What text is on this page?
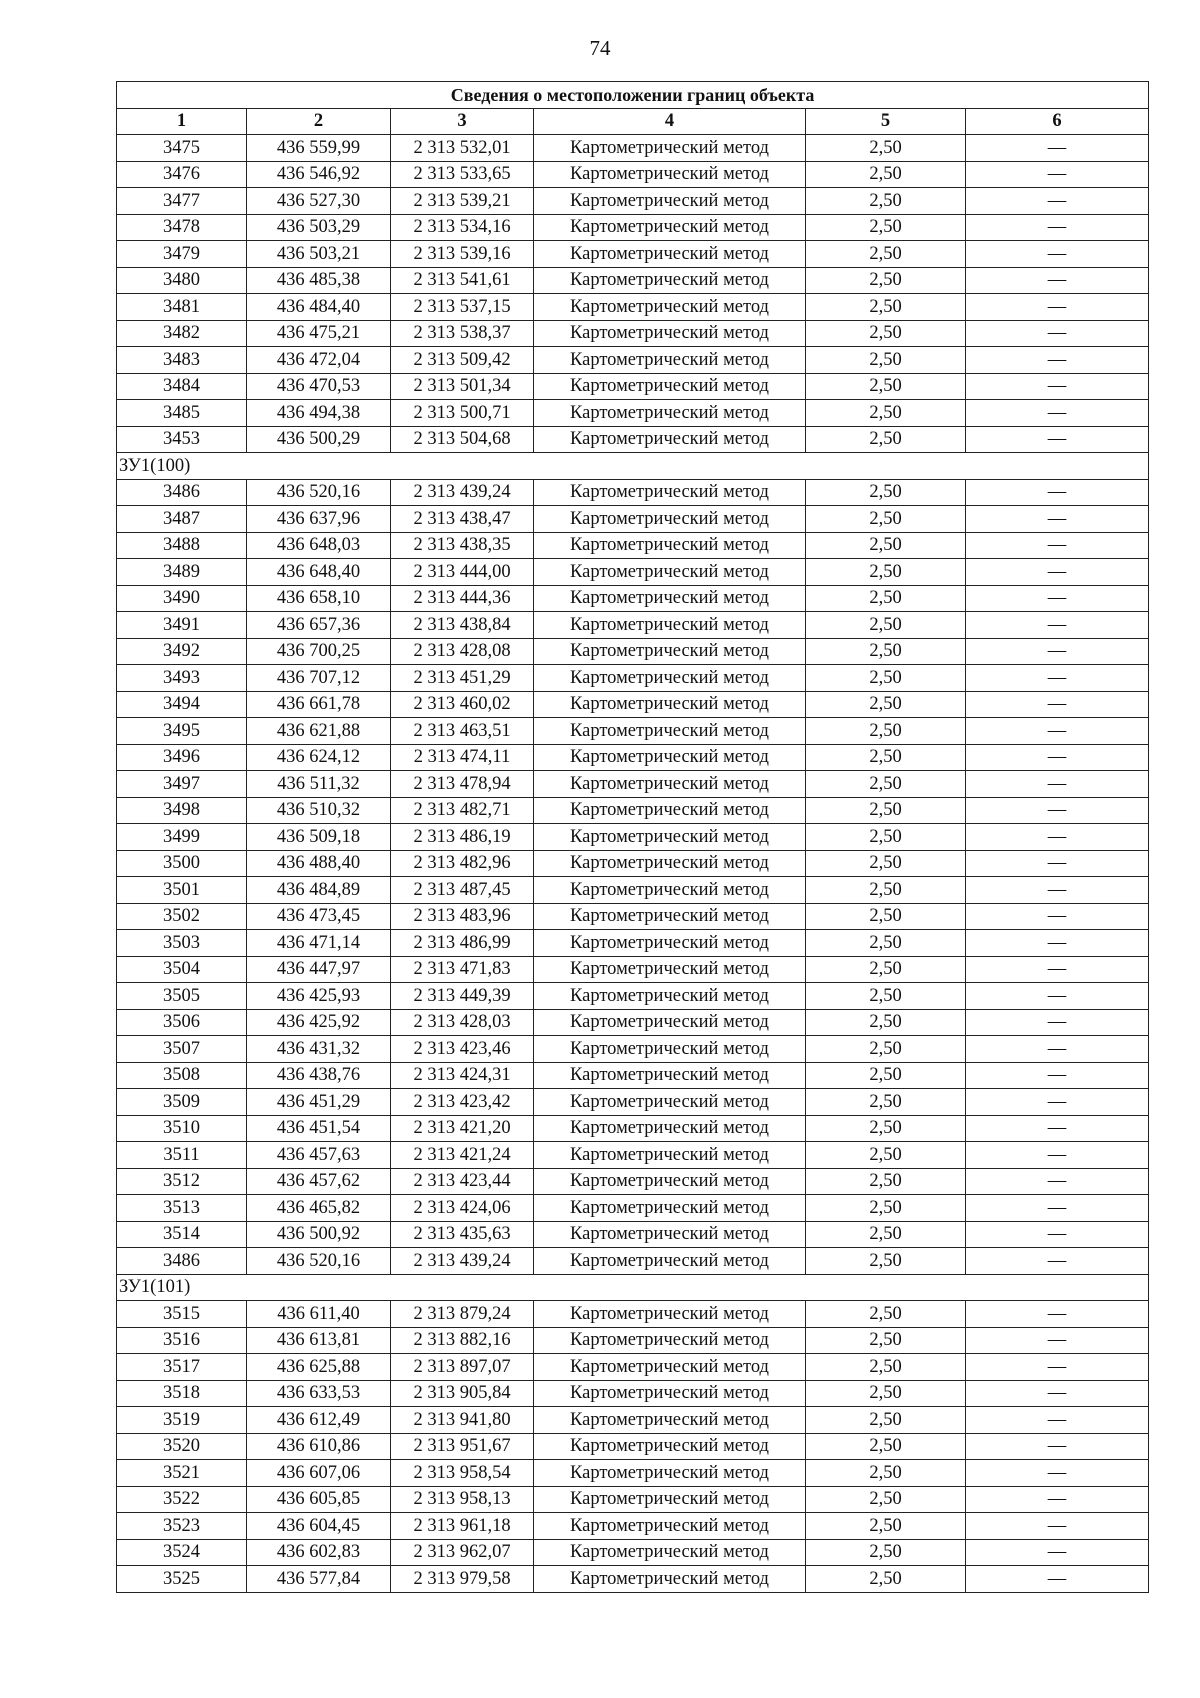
74
Сведения о местоположении границ объекта					
1	2	3	4	5	6
3475	436 559,99	2 313 532,01	Картометрический метод	2,50	—
3476	436 546,92	2 313 533,65	Картометрический метод	2,50	—
3477	436 527,30	2 313 539,21	Картометрический метод	2,50	—
3478	436 503,29	2 313 534,16	Картометрический метод	2,50	—
3479	436 503,21	2 313 539,16	Картометрический метод	2,50	—
3480	436 485,38	2 313 541,61	Картометрический метод	2,50	—
3481	436 484,40	2 313 537,15	Картометрический метод	2,50	—
3482	436 475,21	2 313 538,37	Картометрический метод	2,50	—
3483	436 472,04	2 313 509,42	Картометрический метод	2,50	—
3484	436 470,53	2 313 501,34	Картометрический метод	2,50	—
3485	436 494,38	2 313 500,71	Картометрический метод	2,50	—
3453	436 500,29	2 313 504,68	Картометрический метод	2,50	—
ЗУ1(100)					
3486	436 520,16	2 313 439,24	Картометрический метод	2,50	—
3487	436 637,96	2 313 438,47	Картометрический метод	2,50	—
3488	436 648,03	2 313 438,35	Картометрический метод	2,50	—
3489	436 648,40	2 313 444,00	Картометрический метод	2,50	—
3490	436 658,10	2 313 444,36	Картометрический метод	2,50	—
3491	436 657,36	2 313 438,84	Картометрический метод	2,50	—
3492	436 700,25	2 313 428,08	Картометрический метод	2,50	—
3493	436 707,12	2 313 451,29	Картометрический метод	2,50	—
3494	436 661,78	2 313 460,02	Картометрический метод	2,50	—
3495	436 621,88	2 313 463,51	Картометрический метод	2,50	—
3496	436 624,12	2 313 474,11	Картометрический метод	2,50	—
3497	436 511,32	2 313 478,94	Картометрический метод	2,50	—
3498	436 510,32	2 313 482,71	Картометрический метод	2,50	—
3499	436 509,18	2 313 486,19	Картометрический метод	2,50	—
3500	436 488,40	2 313 482,96	Картометрический метод	2,50	—
3501	436 484,89	2 313 487,45	Картометрический метод	2,50	—
3502	436 473,45	2 313 483,96	Картометрический метод	2,50	—
3503	436 471,14	2 313 486,99	Картометрический метод	2,50	—
3504	436 447,97	2 313 471,83	Картометрический метод	2,50	—
3505	436 425,93	2 313 449,39	Картометрический метод	2,50	—
3506	436 425,92	2 313 428,03	Картометрический метод	2,50	—
3507	436 431,32	2 313 423,46	Картометрический метод	2,50	—
3508	436 438,76	2 313 424,31	Картометрический метод	2,50	—
3509	436 451,29	2 313 423,42	Картометрический метод	2,50	—
3510	436 451,54	2 313 421,20	Картометрический метод	2,50	—
3511	436 457,63	2 313 421,24	Картометрический метод	2,50	—
3512	436 457,62	2 313 423,44	Картометрический метод	2,50	—
3513	436 465,82	2 313 424,06	Картометрический метод	2,50	—
3514	436 500,92	2 313 435,63	Картометрический метод	2,50	—
3486	436 520,16	2 313 439,24	Картометрический метод	2,50	—
ЗУ1(101)					
3515	436 611,40	2 313 879,24	Картометрический метод	2,50	—
3516	436 613,81	2 313 882,16	Картометрический метод	2,50	—
3517	436 625,88	2 313 897,07	Картометрический метод	2,50	—
3518	436 633,53	2 313 905,84	Картометрический метод	2,50	—
3519	436 612,49	2 313 941,80	Картометрический метод	2,50	—
3520	436 610,86	2 313 951,67	Картометрический метод	2,50	—
3521	436 607,06	2 313 958,54	Картометрический метод	2,50	—
3522	436 605,85	2 313 958,13	Картометрический метод	2,50	—
3523	436 604,45	2 313 961,18	Картометрический метод	2,50	—
3524	436 602,83	2 313 962,07	Картометрический метод	2,50	—
3525	436 577,84	2 313 979,58	Картометрический метод	2,50	—
